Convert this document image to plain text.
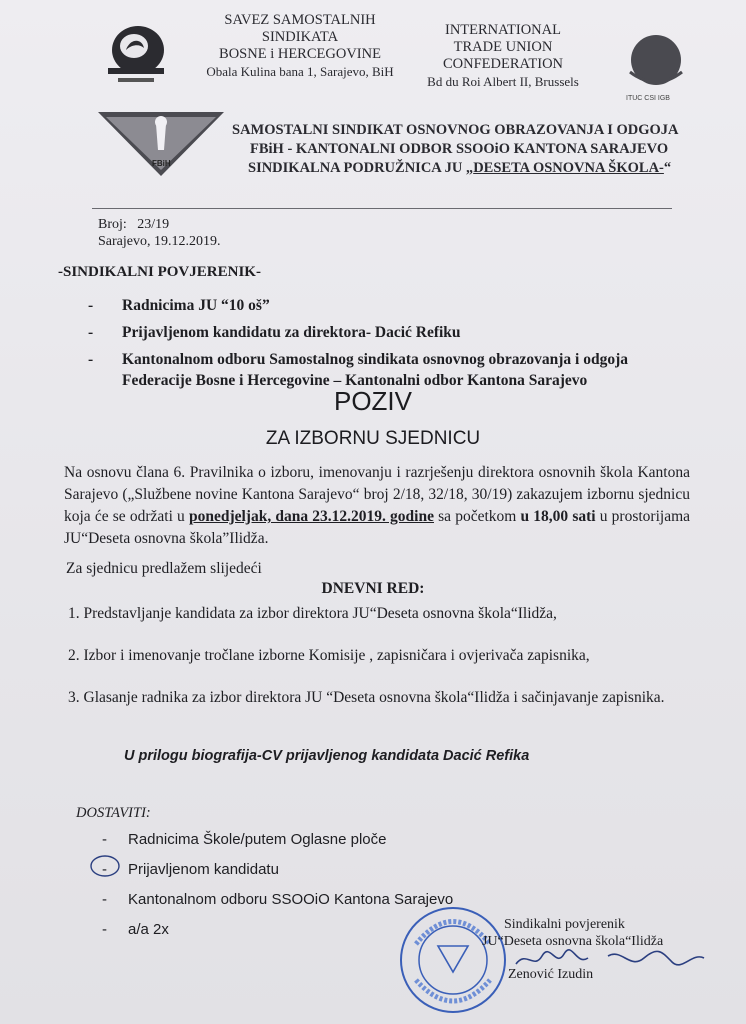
SAVEZ SAMOSTALNIH
SINDIKATA
BOSNE i HERCEGOVINE
Obala Kulina bana 1, Sarajevo, BiH
INTERNATIONAL
TRADE UNION
CONFEDERATION
Bd du Roi Albert II, Brussels
ITUC CSI IGB
FBiH
SAMOSTALNI SINDIKAT OSNOVNOG OBRAZOVANJA I ODGOJA
FBiH - KANTONALNI ODBOR SSOOiO KANTONA SARAJEVO
SINDIKALNA PODRUŽNICA JU „DESETA OSNOVNA ŠKOLA-“
Broj:   23/19
Sarajevo, 19.12.2019.
-SINDIKALNI POVJERENIK-
- Radnicima JU “10 oš”
- Prijavljenom kandidatu za direktora- Dacić Refiku
- Kantonalnom odboru Samostalnog sindikata osnovnog obrazovanja i odgoja Federacije Bosne i Hercegovine – Kantonalni odbor Kantona Sarajevo
POZIV
ZA IZBORNU SJEDNICU
Na osnovu člana 6. Pravilnika o izboru, imenovanju i razrješenju direktora osnovnih škola Kantona Sarajevo („Službene novine Kantona Sarajevo“ broj 2/18, 32/18, 30/19) zakazujem izbornu sjednicu koja će se održati u ponedjeljak, dana 23.12.2019. godine sa početkom u 18,00 sati u prostorijama JU“Deseta osnovna škola”Ilidža.
Za sjednicu predlažem slijedeći
DNEVNI RED:
1. Predstavljanje kandidata za izbor direktora JU“Deseta osnovna škola“Ilidža,
2. Izbor i imenovanje tročlane izborne Komisije , zapisničara i ovjerivača zapisnika,
3. Glasanje radnika za izbor direktora JU “Deseta osnovna škola“Ilidža i sačinjavanje zapisnika.
U prilogu biografija-CV prijavljenog kandidata Dacić Refika
DOSTAVITI:
- Radnicima Škole/putem Oglasne ploče
- Prijavljenom kandidatu
- Kantonalnom odboru SSOOiO Kantona Sarajevo
- a/a 2x	Sindikalni povjerenik
JU“Deseta osnovna škola“Ilidža
Zenović Izudin
